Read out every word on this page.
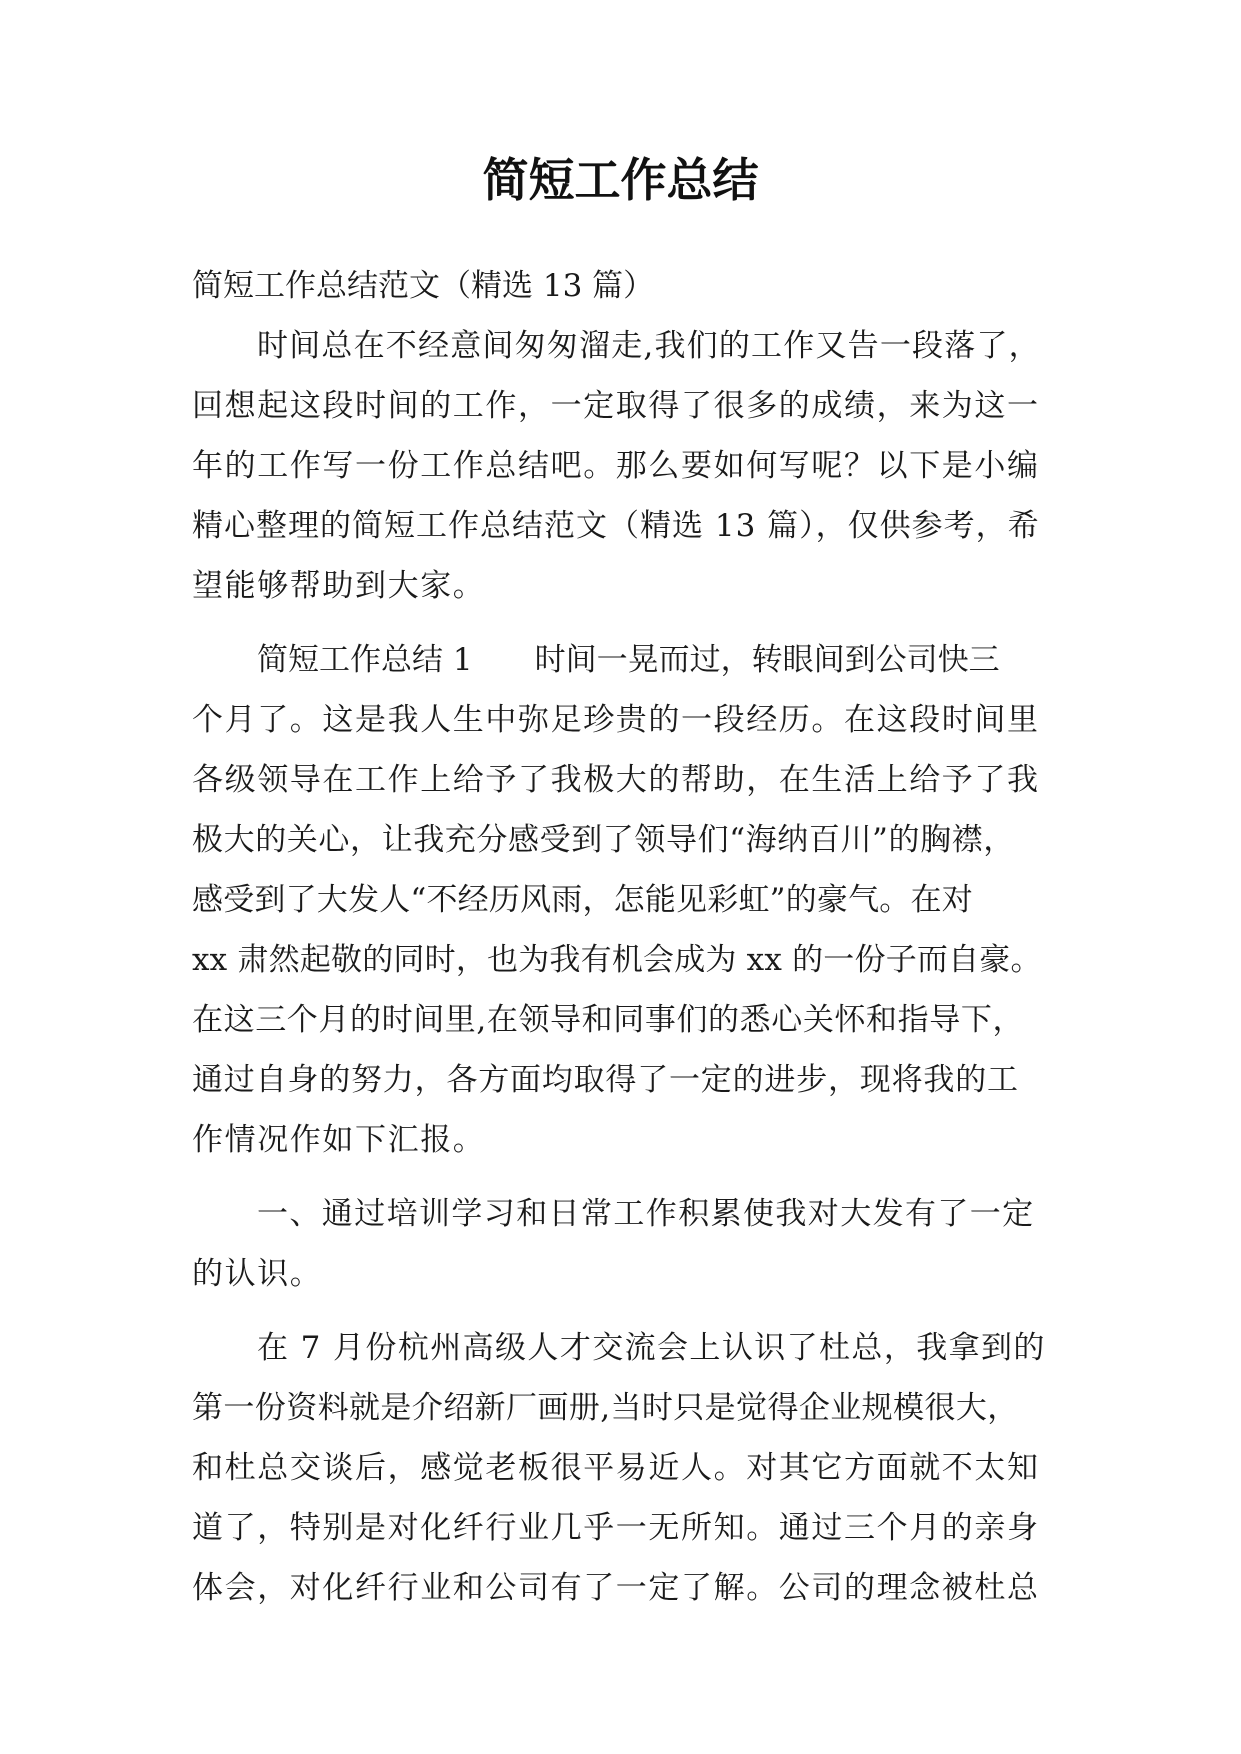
简短工作总结

简短工作总结范文（精选 13 篇）

时间总在不经意间匆匆溜走,我们的工作又告一段落了，

回想起这段时间的工作，一定取得了很多的成绩，来为这一

年的工作写一份工作总结吧。那么要如何写呢？以下是小编

精心整理的简短工作总结范文（精选 13 篇），仅供参考，希

望能够帮助到大家。

简短工作总结 1 时间一晃而过，转眼间到公司快三

个月了。这是我人生中弥足珍贵的一段经历。在这段时间里

各级领导在工作上给予了我极大的帮助，在生活上给予了我

极大的关心，让我充分感受到了领导们“海纳百川”的胸襟，

感受到了大发人“不经历风雨，怎能见彩虹”的豪气。在对

xx 肃然起敬的同时，也为我有机会成为 xx 的一份子而自豪。

在这三个月的时间里,在领导和同事们的悉心关怀和指导下，

通过自身的努力，各方面均取得了一定的进步，现将我的工

作情况作如下汇报。

一、通过培训学习和日常工作积累使我对大发有了一定

的认识。

在 7 月份杭州高级人才交流会上认识了杜总，我拿到的

第一份资料就是介绍新厂画册,当时只是觉得企业规模很大，

和杜总交谈后，感觉老板很平易近人。对其它方面就不太知

道了，特别是对化纤行业几乎一无所知。通过三个月的亲身

体会，对化纤行业和公司有了一定了解。公司的理念被杜总
